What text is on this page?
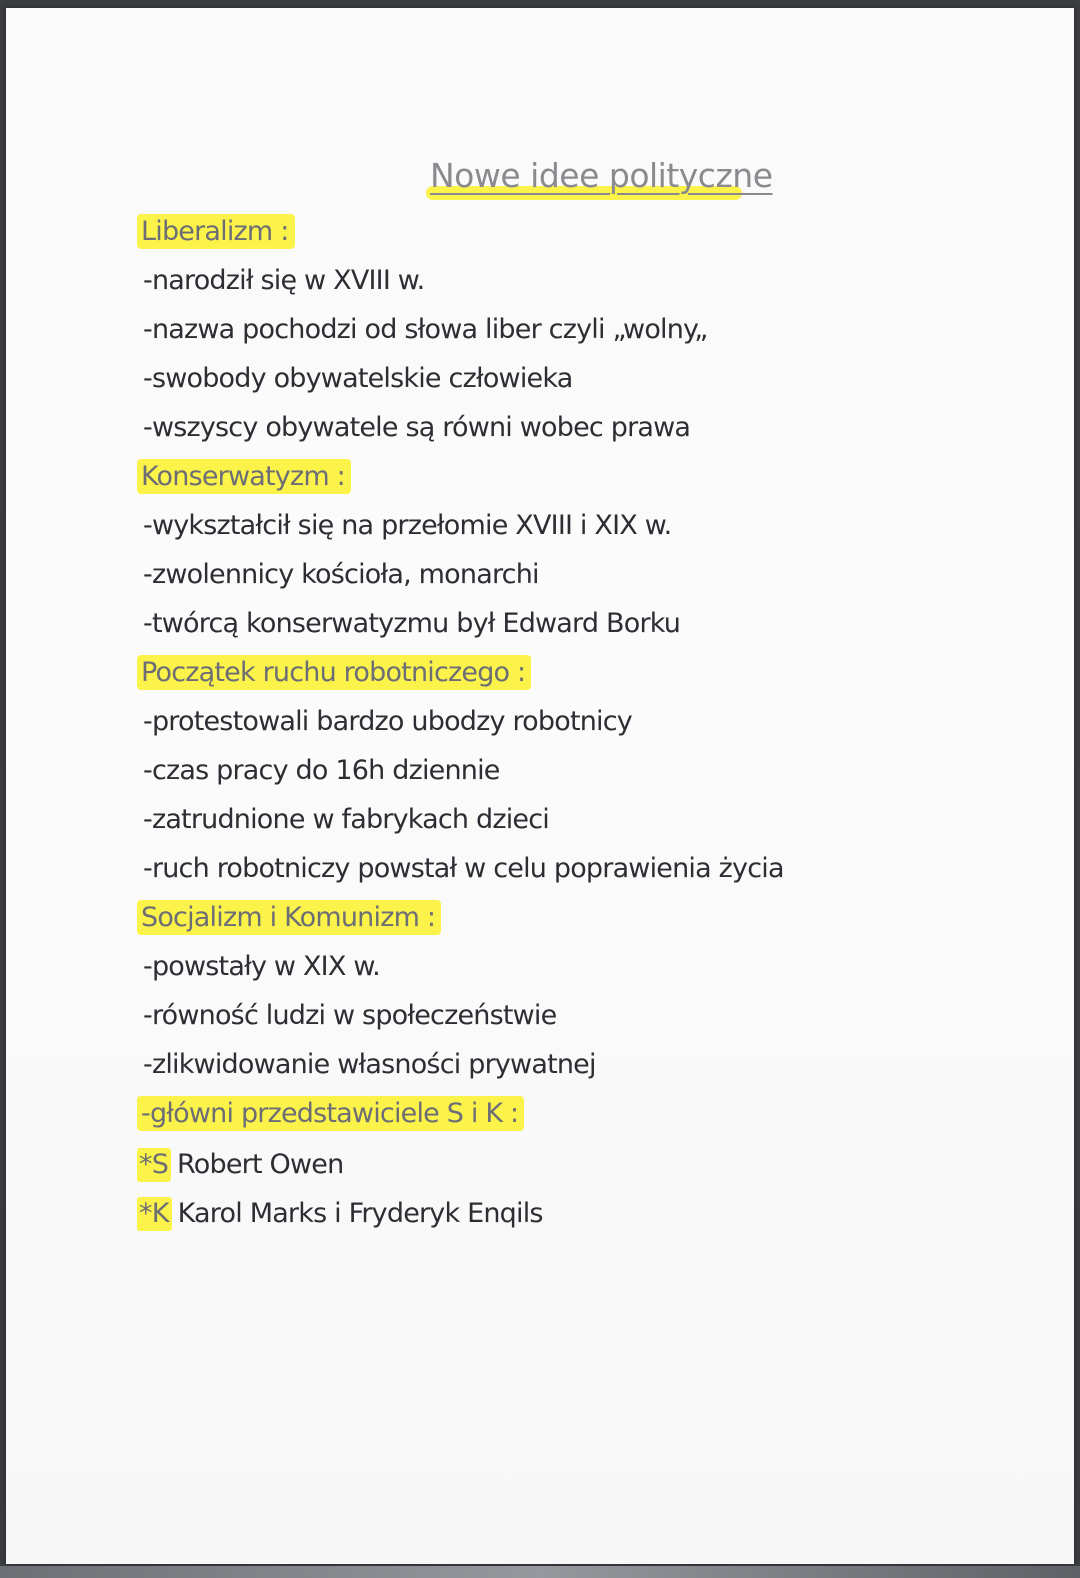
Nowe idee polityczne
Liberalizm :
-narodził się w XVIII w.
-nazwa pochodzi od słowa liber czyli „wolny„
-swobody obywatelskie człowieka
-wszyscy obywatele są równi wobec prawa
Konserwatyzm :
-wykształcił się na przełomie XVIII i XIX w.
-zwolennicy kościoła, monarchi
-twórcą konserwatyzmu był Edward Borku
Początek ruchu robotniczego :
-protestowali bardzo ubodzy robotnicy
-czas pracy do 16h dziennie
-zatrudnione w fabrykach dzieci
-ruch robotniczy powstał w celu poprawienia życia
Socjalizm i Komunizm :
-powstały w XIX w.
-równość ludzi w społeczeństwie
-zlikwidowanie własności prywatnej
-główni przedstawiciele S i K :
*S Robert Owen
*K Karol Marks i Fryderyk Enqils
